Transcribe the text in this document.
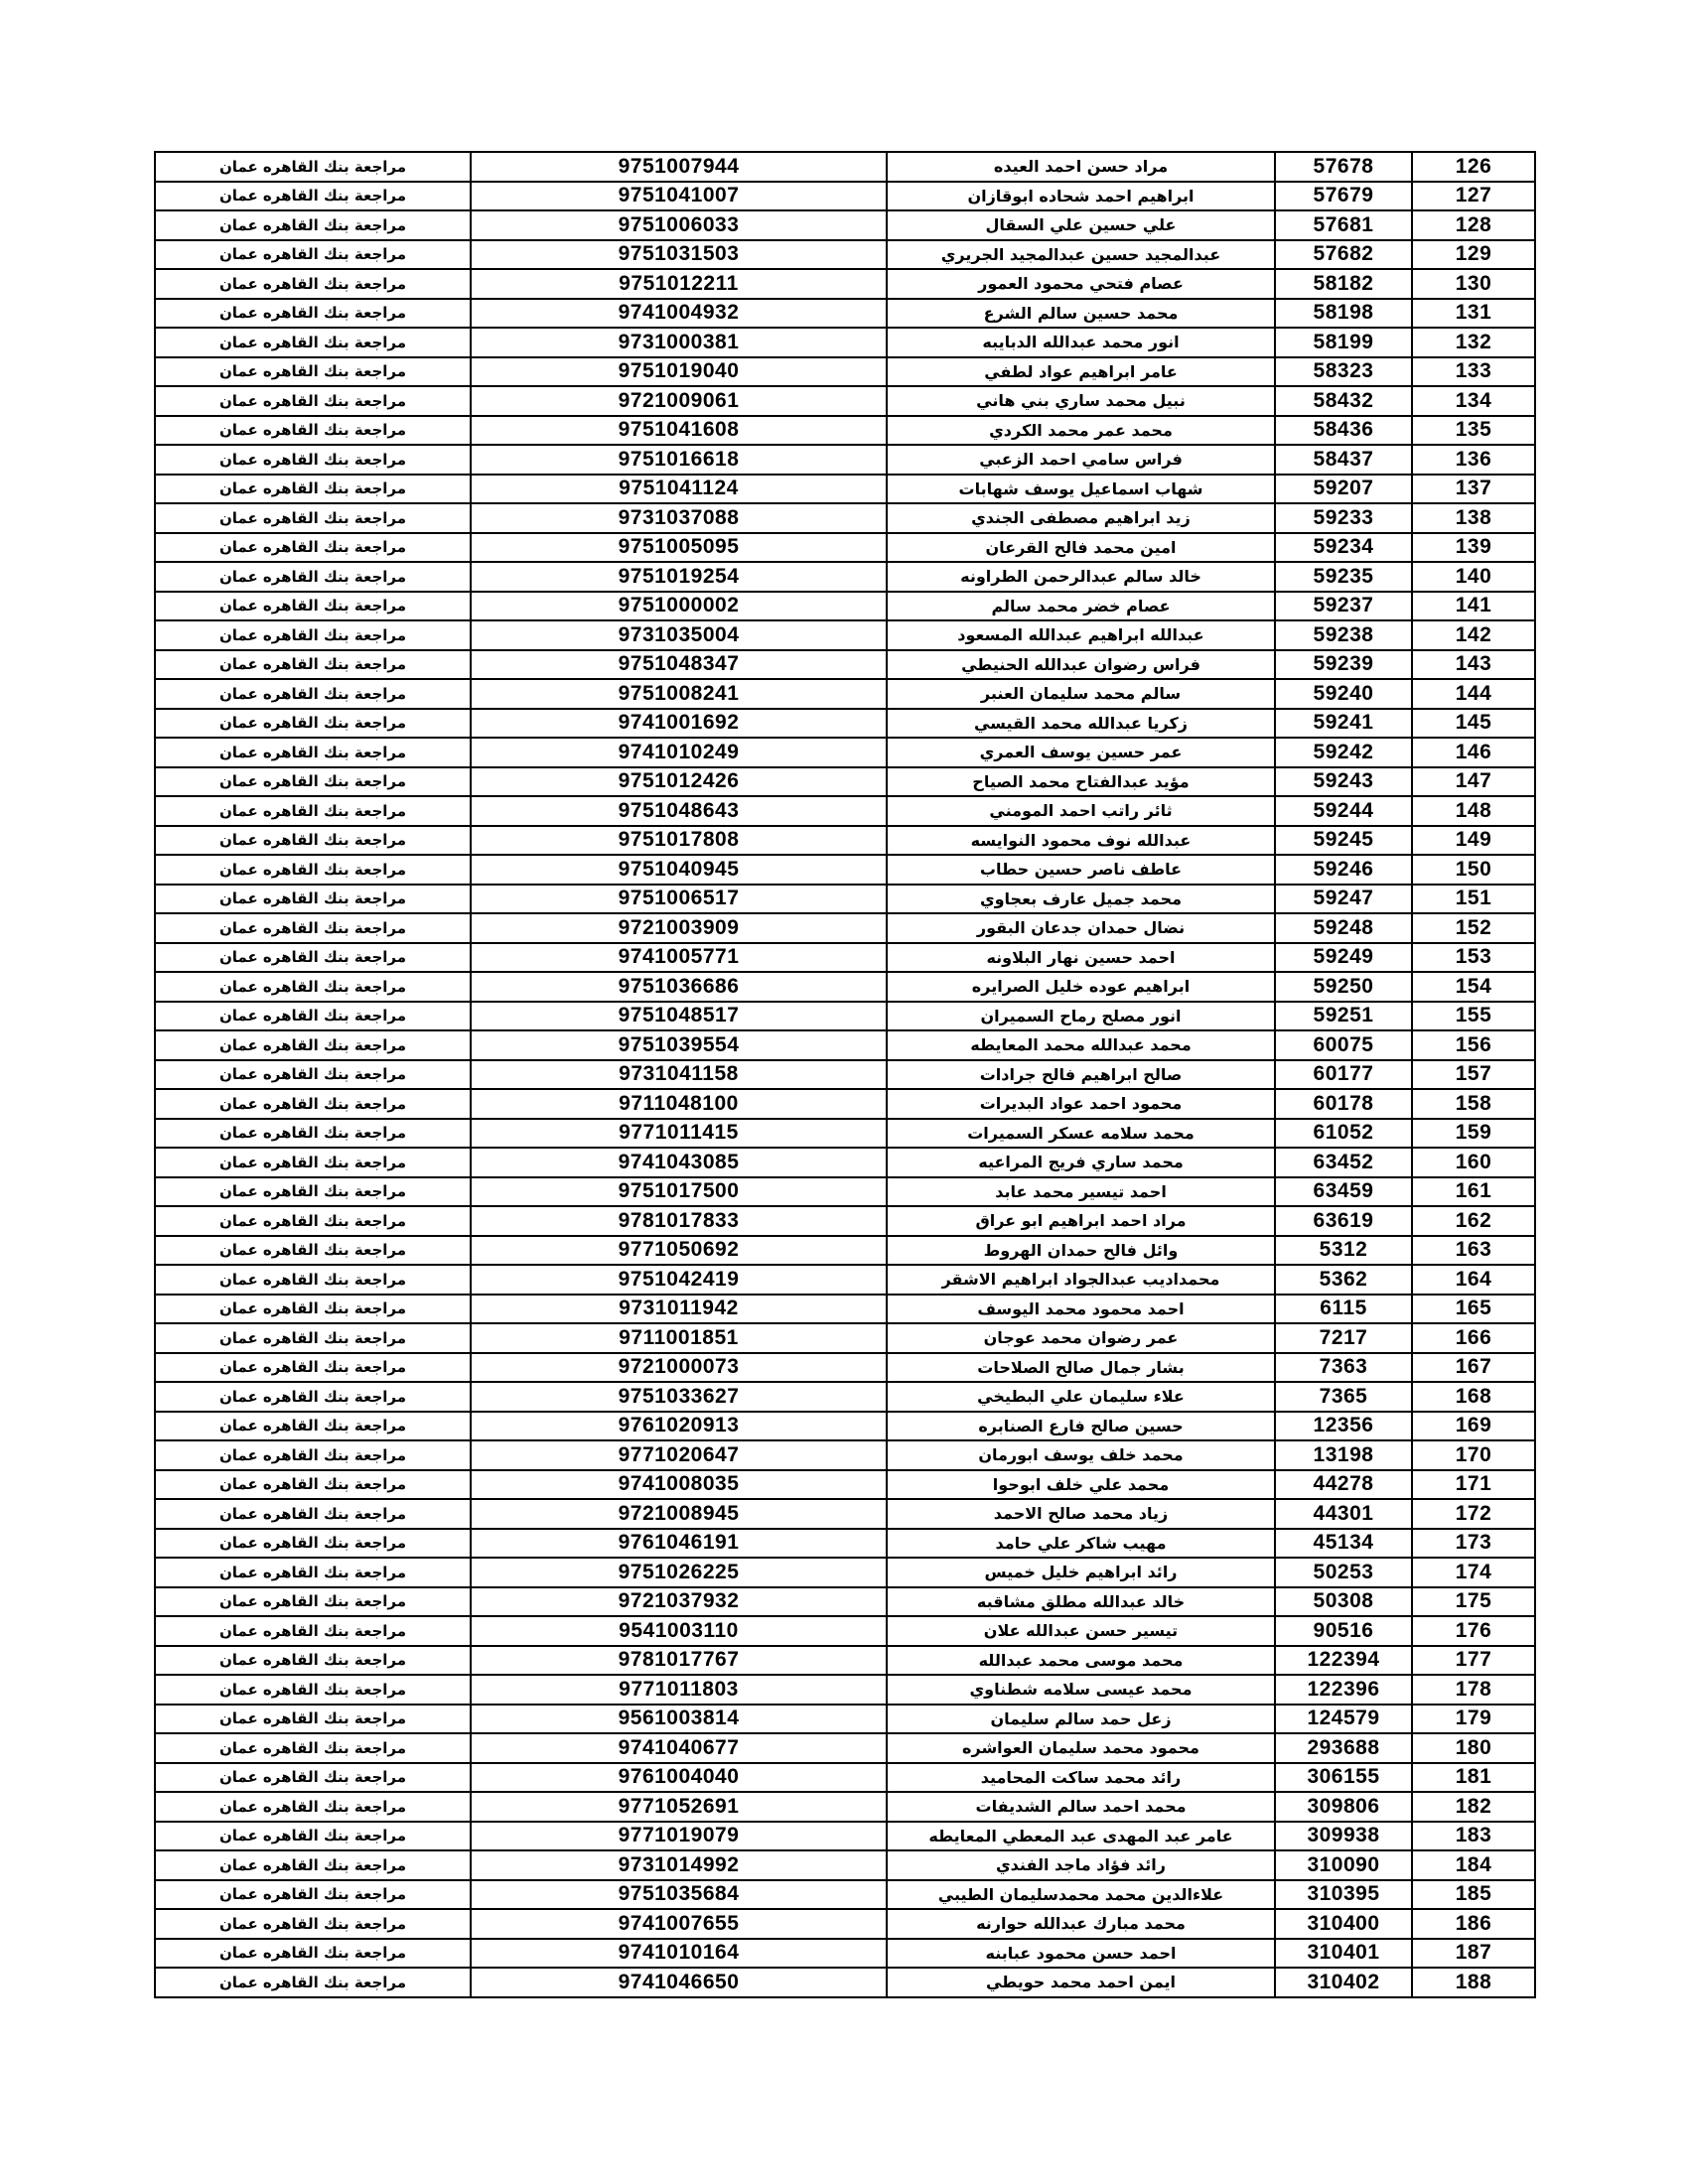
مراجعة بنك القاهره عمان	9751007944	مراد حسن احمد العيده	57678	126
مراجعة بنك القاهره عمان	9751041007	ابراهيم احمد شحاده ابوقازان	57679	127
مراجعة بنك القاهره عمان	9751006033	علي حسين علي السقال	57681	128
مراجعة بنك القاهره عمان	9751031503	عبدالمجيد حسين عبدالمجيد الجريري	57682	129
مراجعة بنك القاهره عمان	9751012211	عصام فتحي محمود العمور	58182	130
مراجعة بنك القاهره عمان	9741004932	محمد حسين سالم الشرع	58198	131
مراجعة بنك القاهره عمان	9731000381	انور محمد عبدالله الدبايبه	58199	132
مراجعة بنك القاهره عمان	9751019040	عامر ابراهيم عواد لطفي	58323	133
مراجعة بنك القاهره عمان	9721009061	نبيل محمد ساري بني هاني	58432	134
مراجعة بنك القاهره عمان	9751041608	محمد عمر محمد الكردي	58436	135
مراجعة بنك القاهره عمان	9751016618	فراس سامي احمد الزعبي	58437	136
مراجعة بنك القاهره عمان	9751041124	شهاب اسماعيل يوسف شهابات	59207	137
مراجعة بنك القاهره عمان	9731037088	زيد ابراهيم مصطفى الجندي	59233	138
مراجعة بنك القاهره عمان	9751005095	امين محمد فالح القرعان	59234	139
مراجعة بنك القاهره عمان	9751019254	خالد سالم عبدالرحمن الطراونه	59235	140
مراجعة بنك القاهره عمان	9751000002	عصام خضر محمد سالم	59237	141
مراجعة بنك القاهره عمان	9731035004	عبدالله ابراهيم عبدالله المسعود	59238	142
مراجعة بنك القاهره عمان	9751048347	فراس رضوان عبدالله الحنيطي	59239	143
مراجعة بنك القاهره عمان	9751008241	سالم محمد سليمان العنبر	59240	144
مراجعة بنك القاهره عمان	9741001692	زكريا عبدالله محمد القيسي	59241	145
مراجعة بنك القاهره عمان	9741010249	عمر حسين يوسف العمري	59242	146
مراجعة بنك القاهره عمان	9751012426	مؤيد عبدالفتاح محمد الصياح	59243	147
مراجعة بنك القاهره عمان	9751048643	ثائر راتب احمد المومني	59244	148
مراجعة بنك القاهره عمان	9751017808	عبدالله نوف محمود النوايسه	59245	149
مراجعة بنك القاهره عمان	9751040945	عاطف ناصر حسين حطاب	59246	150
مراجعة بنك القاهره عمان	9751006517	محمد جميل عارف بعجاوي	59247	151
مراجعة بنك القاهره عمان	9721003909	نضال حمدان جدعان البقور	59248	152
مراجعة بنك القاهره عمان	9741005771	احمد حسين نهار البلاونه	59249	153
مراجعة بنك القاهره عمان	9751036686	ابراهيم عوده خليل الصرايره	59250	154
مراجعة بنك القاهره عمان	9751048517	انور مصلح رماح السميران	59251	155
مراجعة بنك القاهره عمان	9751039554	محمد عبدالله محمد المعايطه	60075	156
مراجعة بنك القاهره عمان	9731041158	صالح ابراهيم فالح جرادات	60177	157
مراجعة بنك القاهره عمان	9711048100	محمود احمد عواد البديرات	60178	158
مراجعة بنك القاهره عمان	9771011415	محمد سلامه عسكر السميرات	61052	159
مراجعة بنك القاهره عمان	9741043085	محمد ساري فريج المراعيه	63452	160
مراجعة بنك القاهره عمان	9751017500	احمد تيسير محمد عابد	63459	161
مراجعة بنك القاهره عمان	9781017833	مراد احمد ابراهيم ابو عراق	63619	162
مراجعة بنك القاهره عمان	9771050692	وائل فالح حمدان الهروط	5312	163
مراجعة بنك القاهره عمان	9751042419	محمداديب عبدالجواد ابراهيم الاشقر	5362	164
مراجعة بنك القاهره عمان	9731011942	احمد محمود محمد اليوسف	6115	165
مراجعة بنك القاهره عمان	9711001851	عمر رضوان محمد عوجان	7217	166
مراجعة بنك القاهره عمان	9721000073	بشار جمال صالح الصلاحات	7363	167
مراجعة بنك القاهره عمان	9751033627	علاء سليمان علي البطيخي	7365	168
مراجعة بنك القاهره عمان	9761020913	حسين صالح فارع الصنابره	12356	169
مراجعة بنك القاهره عمان	9771020647	محمد خلف يوسف ابورمان	13198	170
مراجعة بنك القاهره عمان	9741008035	محمد علي خلف ابوحوا	44278	171
مراجعة بنك القاهره عمان	9721008945	زياد محمد صالح الاحمد	44301	172
مراجعة بنك القاهره عمان	9761046191	مهيب شاكر علي حامد	45134	173
مراجعة بنك القاهره عمان	9751026225	رائد ابراهيم خليل خميس	50253	174
مراجعة بنك القاهره عمان	9721037932	خالد عبدالله مطلق مشاقبه	50308	175
مراجعة بنك القاهره عمان	9541003110	تيسير حسن عبدالله علان	90516	176
مراجعة بنك القاهره عمان	9781017767	محمد موسى محمد عبدالله	122394	177
مراجعة بنك القاهره عمان	9771011803	محمد عيسى سلامه شطناوي	122396	178
مراجعة بنك القاهره عمان	9561003814	زعل حمد سالم سليمان	124579	179
مراجعة بنك القاهره عمان	9741040677	محمود محمد سليمان العواشره	293688	180
مراجعة بنك القاهره عمان	9761004040	رائد محمد ساكت المحاميد	306155	181
مراجعة بنك القاهره عمان	9771052691	محمد احمد سالم الشديفات	309806	182
مراجعة بنك القاهره عمان	9771019079	عامر عبد المهدى عبد المعطي المعايطه	309938	183
مراجعة بنك القاهره عمان	9731014992	رائد فؤاد ماجد الفندي	310090	184
مراجعة بنك القاهره عمان	9751035684	علاءالدين محمد محمدسليمان الطيبي	310395	185
مراجعة بنك القاهره عمان	9741007655	محمد مبارك عبدالله حوارنه	310400	186
مراجعة بنك القاهره عمان	9741010164	احمد حسن محمود عبابنه	310401	187
مراجعة بنك القاهره عمان	9741046650	ايمن احمد محمد حويطي	310402	188
